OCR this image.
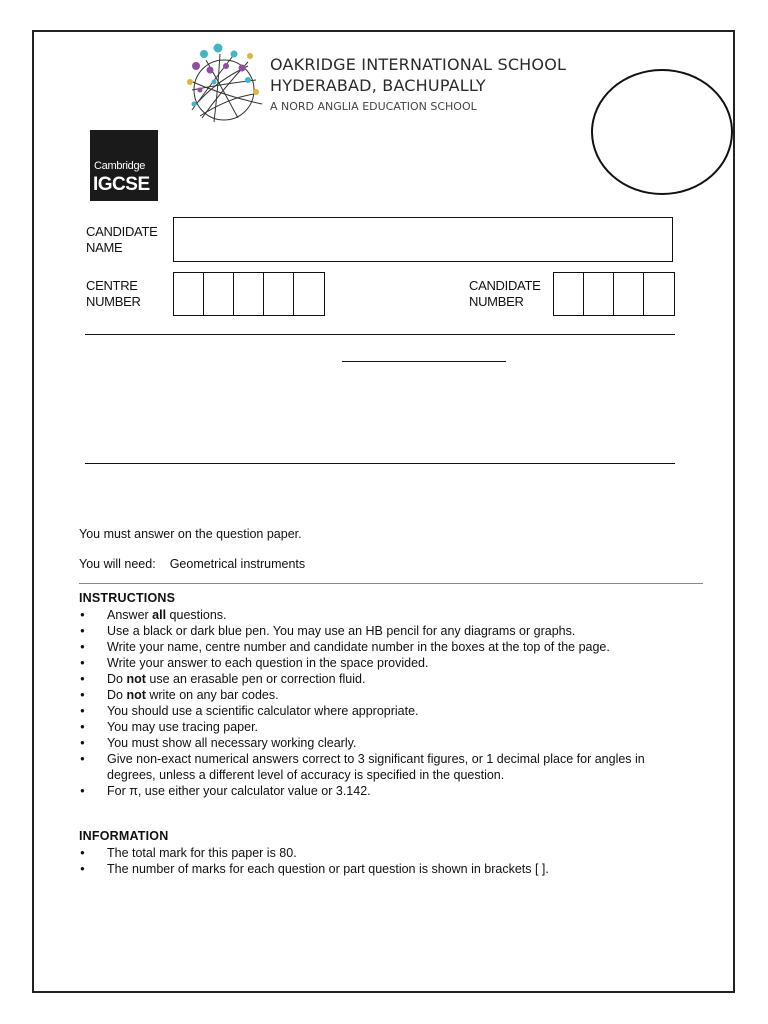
OAKRIDGE INTERNATIONAL SCHOOL
HYDERABAD, BACHUPALLY
A NORD ANGLIA EDUCATION SCHOOL
Cambridge
IGCSE
CANDIDATE
NAME
CENTRE
NUMBER
CANDIDATE
NUMBER
You must answer on the question paper.
You will need: Geometrical instruments
INSTRUCTIONS
● Answer all questions.
● Use a black or dark blue pen. You may use an HB pencil for any diagrams or graphs.
● Write your name, centre number and candidate number in the boxes at the top of the page.
● Write your answer to each question in the space provided.
● Do not use an erasable pen or correction fluid.
● Do not write on any bar codes.
● You should use a scientific calculator where appropriate.
● You may use tracing paper.
● You must show all necessary working clearly.
● Give non-exact numerical answers correct to 3 significant figures, or 1 decimal place for angles in degrees, unless a different level of accuracy is specified in the question.
● For π, use either your calculator value or 3.142.
INFORMATION
● The total mark for this paper is 80.
● The number of marks for each question or part question is shown in brackets [ ].
